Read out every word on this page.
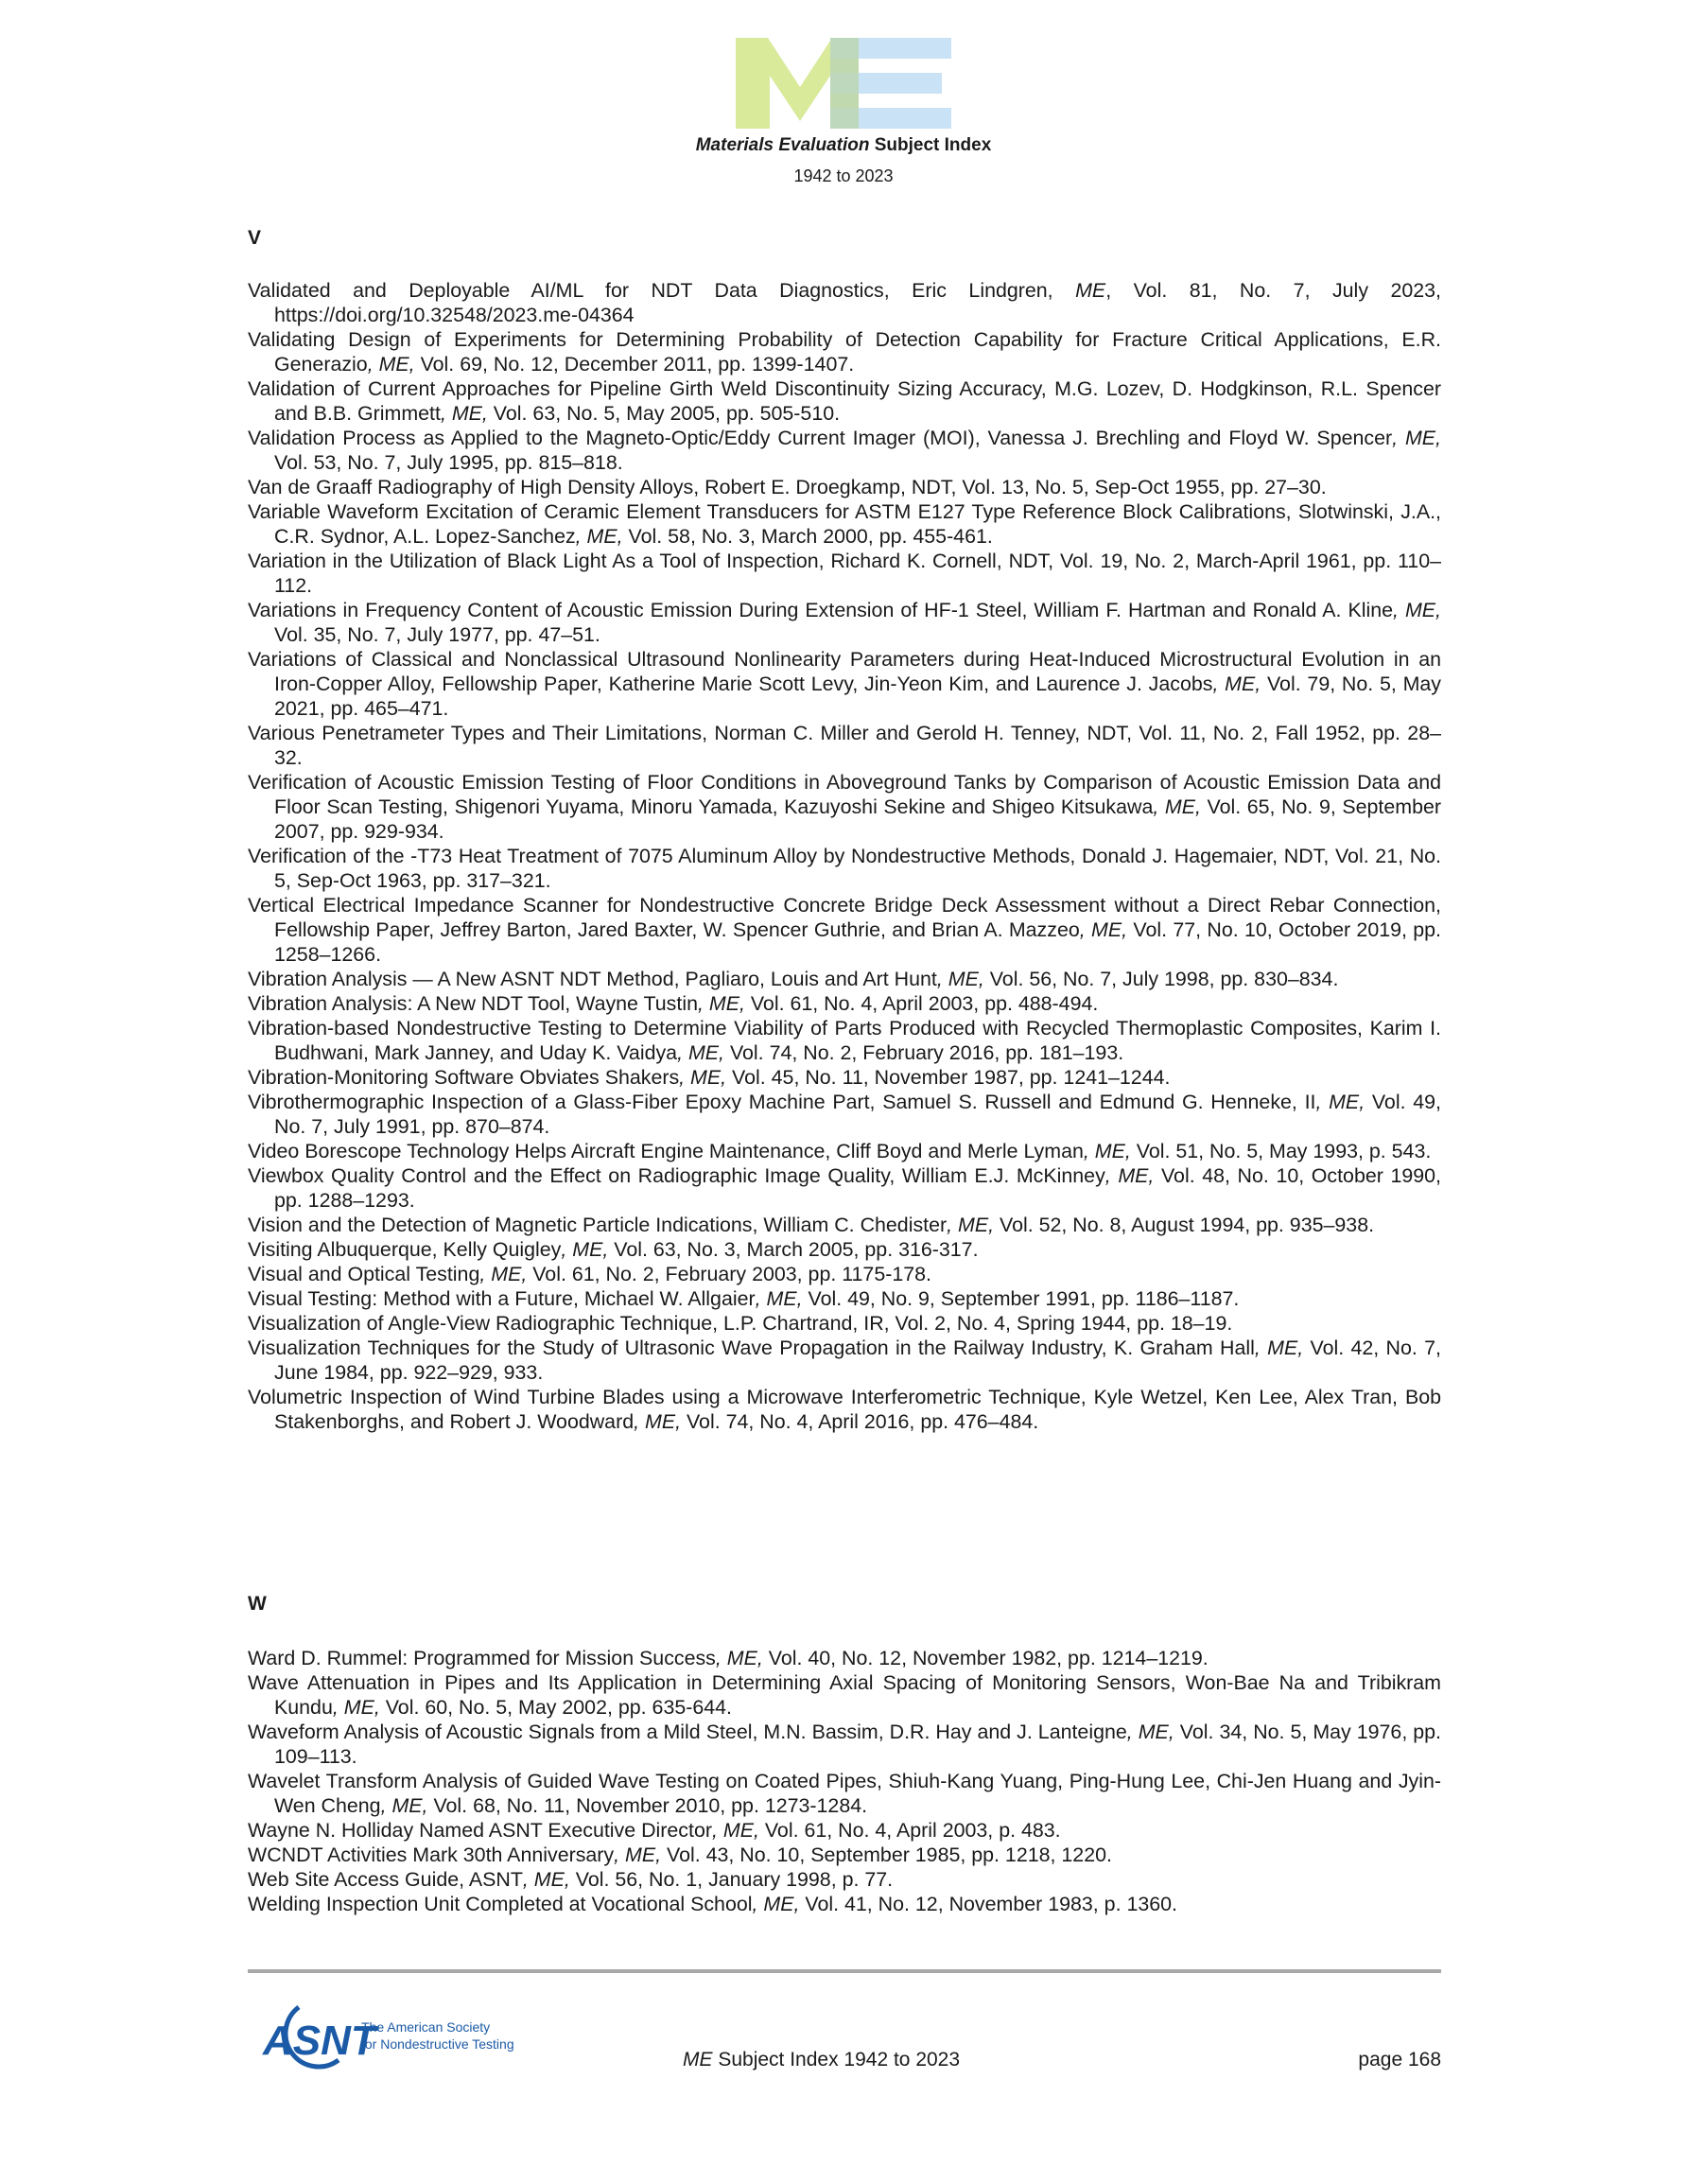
Materials Evaluation Subject Index
1942 to 2023
V

Validated and Deployable AI/ML for NDT Data Diagnostics, Eric Lindgren, ME, Vol. 81, No. 7, July 2023, https://doi.org/10.32548/2023.me-04364

Validating Design of Experiments for Determining Probability of Detection Capability for Fracture Critical Applications, E.R. Generazio, ME, Vol. 69, No. 12, December 2011, pp. 1399-1407.

Validation of Current Approaches for Pipeline Girth Weld Discontinuity Sizing Accuracy, M.G. Lozev, D. Hodgkinson, R.L. Spencer and B.B. Grimmett, ME, Vol. 63, No. 5, May 2005, pp. 505-510.

Validation Process as Applied to the Magneto-Optic/Eddy Current Imager (MOI), Vanessa J. Brechling and Floyd W. Spencer, ME, Vol. 53, No. 7, July 1995, pp. 815–818.

Van de Graaff Radiography of High Density Alloys, Robert E. Droegkamp, NDT, Vol. 13, No. 5, Sep-Oct 1955, pp. 27–30.

Variable Waveform Excitation of Ceramic Element Transducers for ASTM E127 Type Reference Block Calibrations, Slotwinski, J.A., C.R. Sydnor, A.L. Lopez-Sanchez, ME, Vol. 58, No. 3, March 2000, pp. 455-461.

Variation in the Utilization of Black Light As a Tool of Inspection, Richard K. Cornell, NDT, Vol. 19, No. 2, March-April 1961, pp. 110–112.

Variations in Frequency Content of Acoustic Emission During Extension of HF-1 Steel, William F. Hartman and Ronald A. Kline, ME, Vol. 35, No. 7, July 1977, pp. 47–51.

Variations of Classical and Nonclassical Ultrasound Nonlinearity Parameters during Heat-Induced Microstructural Evolution in an Iron-Copper Alloy, Fellowship Paper, Katherine Marie Scott Levy, Jin-Yeon Kim, and Laurence J. Jacobs, ME, Vol. 79, No. 5, May 2021, pp. 465–471.

Various Penetrameter Types and Their Limitations, Norman C. Miller and Gerold H. Tenney, NDT, Vol. 11, No. 2, Fall 1952, pp. 28–32.

Verification of Acoustic Emission Testing of Floor Conditions in Aboveground Tanks by Comparison of Acoustic Emission Data and Floor Scan Testing, Shigenori Yuyama, Minoru Yamada, Kazuyoshi Sekine and Shigeo Kitsukawa, ME, Vol. 65, No. 9, September 2007, pp. 929-934.

Verification of the -T73 Heat Treatment of 7075 Aluminum Alloy by Nondestructive Methods, Donald J. Hagemaier, NDT, Vol. 21, No. 5, Sep-Oct 1963, pp. 317–321.

Vertical Electrical Impedance Scanner for Nondestructive Concrete Bridge Deck Assessment without a Direct Rebar Connection, Fellowship Paper, Jeffrey Barton, Jared Baxter, W. Spencer Guthrie, and Brian A. Mazzeo, ME, Vol. 77, No. 10, October 2019, pp. 1258–1266.

Vibration Analysis — A New ASNT NDT Method, Pagliaro, Louis and Art Hunt, ME, Vol. 56, No. 7, July 1998, pp. 830–834.

Vibration Analysis: A New NDT Tool, Wayne Tustin, ME, Vol. 61, No. 4, April 2003, pp. 488-494.

Vibration-based Nondestructive Testing to Determine Viability of Parts Produced with Recycled Thermoplastic Composites, Karim I. Budhwani, Mark Janney, and Uday K. Vaidya, ME, Vol. 74, No. 2, February 2016, pp. 181–193.

Vibration-Monitoring Software Obviates Shakers, ME, Vol. 45, No. 11, November 1987, pp. 1241–1244.

Vibrothermographic Inspection of a Glass-Fiber Epoxy Machine Part, Samuel S. Russell and Edmund G. Henneke, II, ME, Vol. 49, No. 7, July 1991, pp. 870–874.

Video Borescope Technology Helps Aircraft Engine Maintenance, Cliff Boyd and Merle Lyman, ME, Vol. 51, No. 5, May 1993, p. 543.

Viewbox Quality Control and the Effect on Radiographic Image Quality, William E.J. McKinney, ME, Vol. 48, No. 10, October 1990, pp. 1288–1293.

Vision and the Detection of Magnetic Particle Indications, William C. Chedister, ME, Vol. 52, No. 8, August 1994, pp. 935–938.

Visiting Albuquerque, Kelly Quigley, ME, Vol. 63, No. 3, March 2005, pp. 316-317.

Visual and Optical Testing, ME, Vol. 61, No. 2, February 2003, pp. 1175-178.

Visual Testing: Method with a Future, Michael W. Allgaier, ME, Vol. 49, No. 9, September 1991, pp. 1186–1187.

Visualization of Angle-View Radiographic Technique, L.P. Chartrand, IR, Vol. 2, No. 4, Spring 1944, pp. 18–19.

Visualization Techniques for the Study of Ultrasonic Wave Propagation in the Railway Industry, K. Graham Hall, ME, Vol. 42, No. 7, June 1984, pp. 922–929, 933.

Volumetric Inspection of Wind Turbine Blades using a Microwave Interferometric Technique, Kyle Wetzel, Ken Lee, Alex Tran, Bob Stakenborghs, and Robert J. Woodward, ME, Vol. 74, No. 4, April 2016, pp. 476–484.

W

Ward D. Rummel: Programmed for Mission Success, ME, Vol. 40, No. 12, November 1982, pp. 1214–1219.

Wave Attenuation in Pipes and Its Application in Determining Axial Spacing of Monitoring Sensors, Won-Bae Na and Tribikram Kundu, ME, Vol. 60, No. 5, May 2002, pp. 635-644.

Waveform Analysis of Acoustic Signals from a Mild Steel, M.N. Bassim, D.R. Hay and J. Lanteigne, ME, Vol. 34, No. 5, May 1976, pp. 109–113.

Wavelet Transform Analysis of Guided Wave Testing on Coated Pipes, Shiuh-Kang Yuang, Ping-Hung Lee, Chi-Jen Huang and Jyin-Wen Cheng, ME, Vol. 68, No. 11, November 2010, pp. 1273-1284.

Wayne N. Holliday Named ASNT Executive Director, ME, Vol. 61, No. 4, April 2003, p. 483.

WCNDT Activities Mark 30th Anniversary, ME, Vol. 43, No. 10, September 1985, pp. 1218, 1220.

Web Site Access Guide, ASNT, ME, Vol. 56, No. 1, January 1998, p. 77.

Welding Inspection Unit Completed at Vocational School, ME, Vol. 41, No. 12, November 1983, p. 1360.

ASNT
The American Society
for Nondestructive Testing
ME Subject Index 1942 to 2023	page 168
